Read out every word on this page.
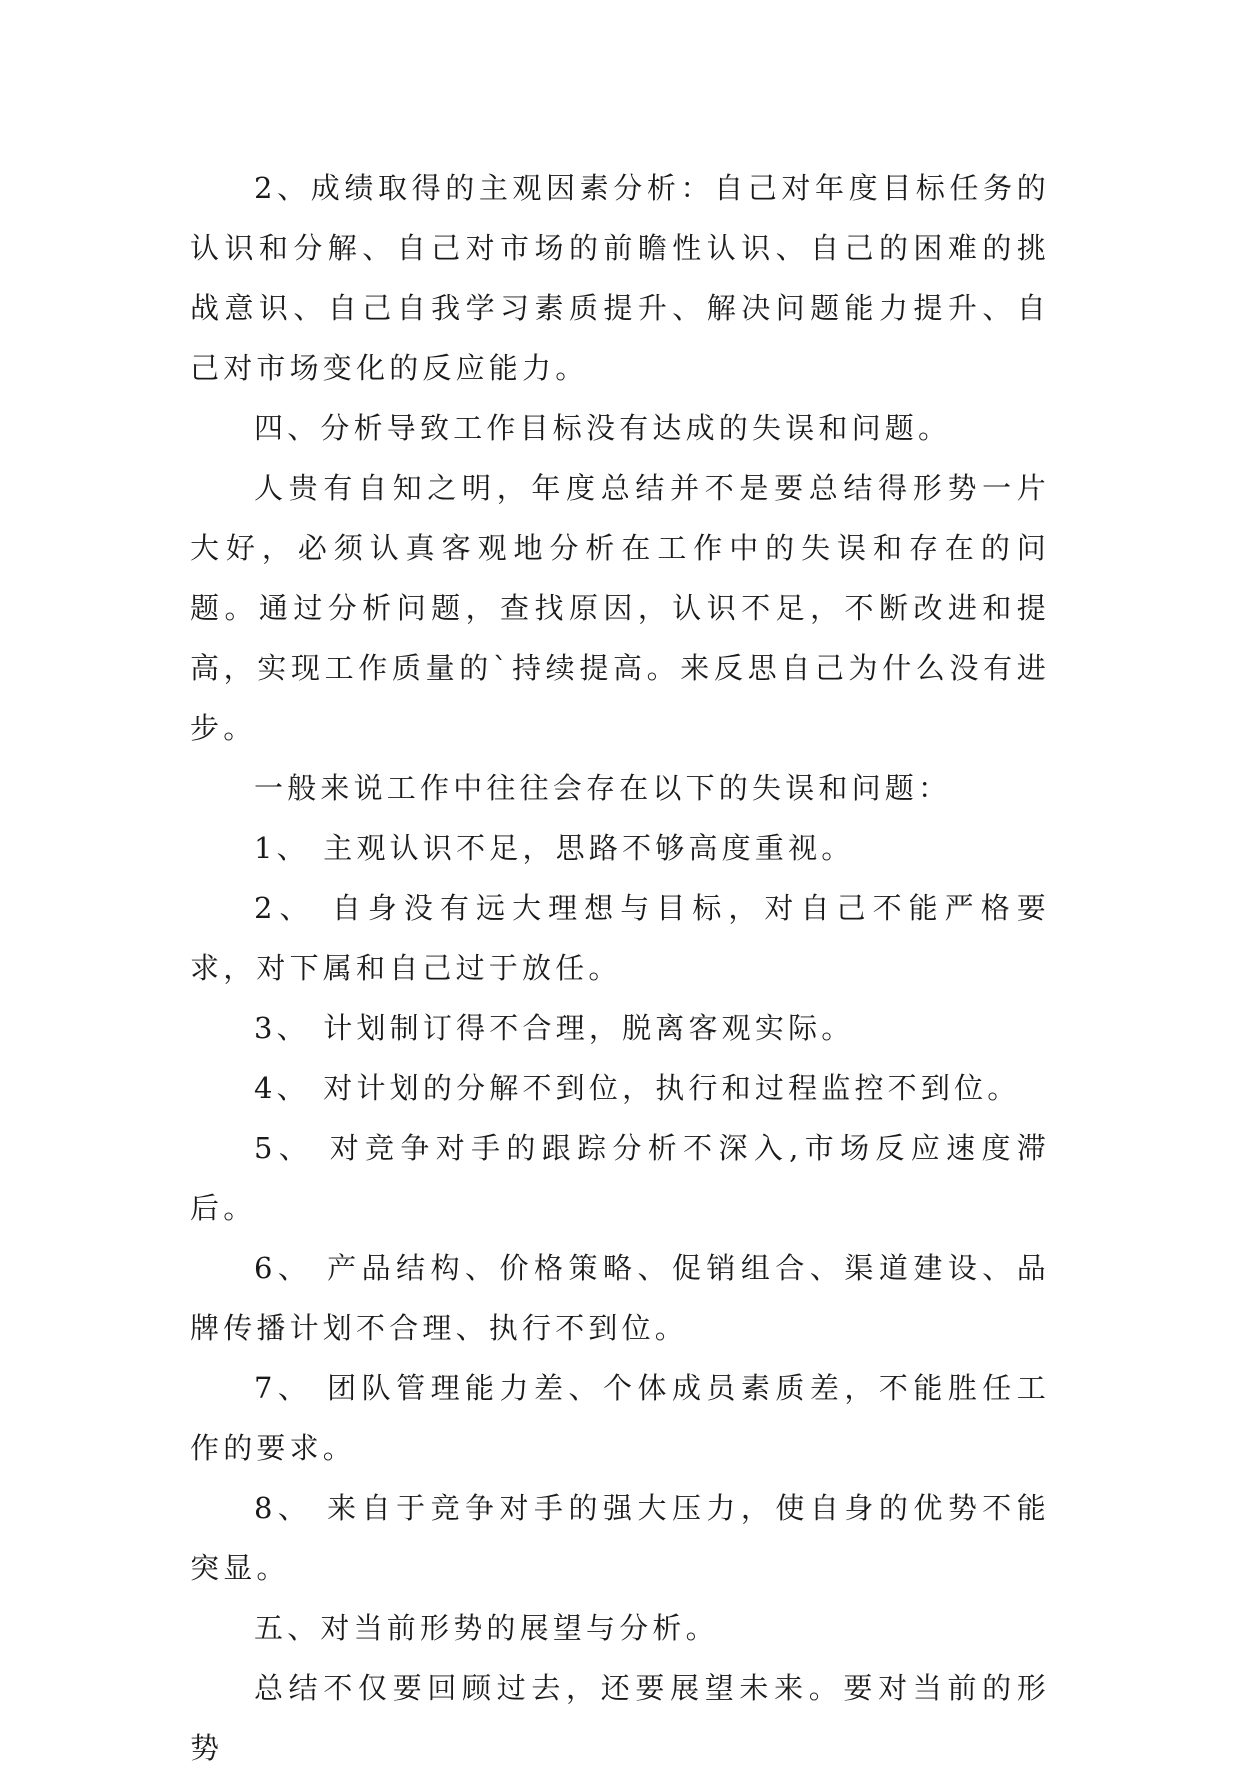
2、成绩取得的主观因素分析：自己对年度目标任务的认识和分解、自己对市场的前瞻性认识、自己的困难的挑战意识、自己自我学习素质提升、解决问题能力提升、自己对市场变化的反应能力。

四、分析导致工作目标没有达成的失误和问题。

人贵有自知之明，年度总结并不是要总结得形势一片大好，必须认真客观地分析在工作中的失误和存在的问题。通过分析问题，查找原因，认识不足，不断改进和提高，实现工作质量的`持续提高。来反思自己为什么没有进步。

一般来说工作中往往会存在以下的失误和问题：

1、 主观认识不足，思路不够高度重视。

2、 自身没有远大理想与目标，对自己不能严格要求，对下属和自己过于放任。

3、 计划制订得不合理，脱离客观实际。

4、 对计划的分解不到位，执行和过程监控不到位。

5、 对竞争对手的跟踪分析不深入,市场反应速度滞后。

6、 产品结构、价格策略、促销组合、渠道建设、品牌传播计划不合理、执行不到位。

7、 团队管理能力差、个体成员素质差，不能胜任工作的要求。

8、 来自于竞争对手的强大压力，使自身的优势不能突显。

五、对当前形势的展望与分析。

总结不仅要回顾过去，还要展望未来。要对当前的形势
